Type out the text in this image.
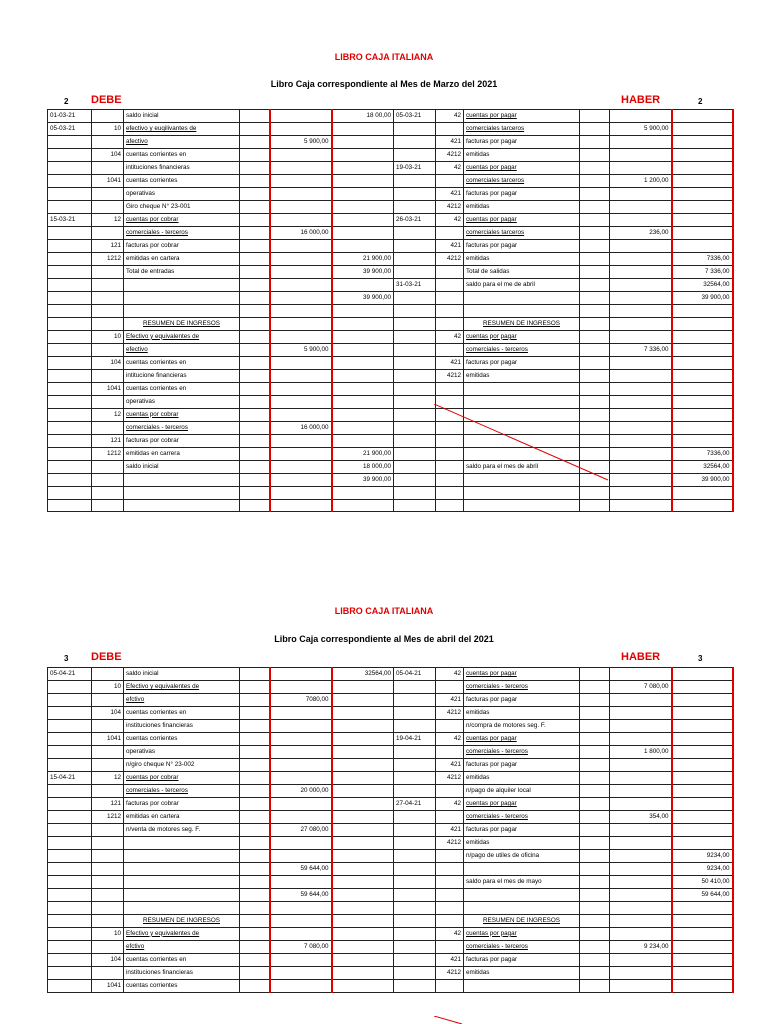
LIBRO CAJA ITALIANA
Libro Caja correspondiente al Mes de Marzo del 2021
2 DEBE	HABER	2
01-03-21		saldo inicial			18 00,00	05-03-21	42	cuentas por pagar			
05-03-21	10	efectivo y euqilivantes de						comerciales tarceros		5 900,00	
		afectivo		5 900,00			421	facturas por pagar			
	104	cuentas corrientes en					4212	emitidas			
		intituciones financieras				19-03-21	42	cuentas por pagar			
	1041	cuentas corrientes						comerciales tarceros		1 200,00	
		operativas					421	facturas por pagar			
		Giro cheque N° 23-001					4212	emitidas			
15-03-21	12	cuentas por cobrar				26-03-21	42	cuentas por pagar			
		comerciales - terceros		16 000,00				comerciales tarceros		236,00	
	121	facturas por cobrar					421	facturas por pagar			
	1212	emitidas en cartera			21 900,00		4212	emitidas			7336,00
		Total de entradas			39 900,00			Total de salidas			7 336,00
						31-03-21		saldo para el me de abril			32564,00
					39 900,00						39 900,00

		RESUMEN DE INGRESOS						RESUMEN DE INGRESOS			
	10	Efectivo y equivalentes de					42	cuentas por pagar			
		efectivo		5 900,00				comerciales - terceros		7 336,00	
	104	cuentas corrientes en					421	facturas por pagar			
		intitucione financieras					4212	emitidas			
	1041	cuentas corrientes en									
		operativas									
	12	cuentas por cobrar									
		comerciales - terceros		16 000,00							
	121	facturas por cobrar									
	1212	emitidas en carrera			21 900,00						7336,00
		saldo inicial			18 000,00			saldo para el mes de abril			32564,00
					39 900,00						39 900,00

LIBRO CAJA ITALIANA
Libro Caja correspondiente al Mes de abril del 2021
3 DEBE	HABER	3
05-04-21		saldo inicial			32564,00	05-04-21	42	cuentas por pagar			
	10	Efectivo y equivalentes de						comerciales - terceros		7 080,00	
		efctivo		7080,00			421	facturas por pagar			
	104	cuentas corrientes en					4212	emitidas			
		instituciones financieras						n/compra de motores seg. F.			
	1041	cuentas corrientes				19-04-21	42	cuentas por pagar			
		operativas						comerciales - terceros		1 800,00	
		n/giro cheque N° 23-002					421	facturas por pagar			
15-04-21	12	cuentas por cobrar					4212	emitidas			
		comerciales - terceros		20 000,00				n/pago de alquiler local			
	121	facturas por cobrar				27-04-21	42	cuentas por pagar			
	1212	emitidas en cartera						comerciales - terceros		354,00	
		n/venta de motores seg. F.		27 080,00			421	facturas por pagar			
							4212	emitidas			
								n/pago de utiles de oficina			9234,00
				59 644,00							9234,00
								saldo para el mes de mayo			50 410,00
				59 644,00							59 644,00

		RESUMEN DE INGRESOS						RESUMEN DE INGRESOS			
	10	Efectivo y equivalentes de					42	cuentas por pagar			
		efctivo		7 080,00				comerciales - terceros		9 234,00	
	104	cuentas corrientes en					421	facturas por pagar			
		instituciones financieras					4212	emitidas			
	1041	cuentas corrientes									
